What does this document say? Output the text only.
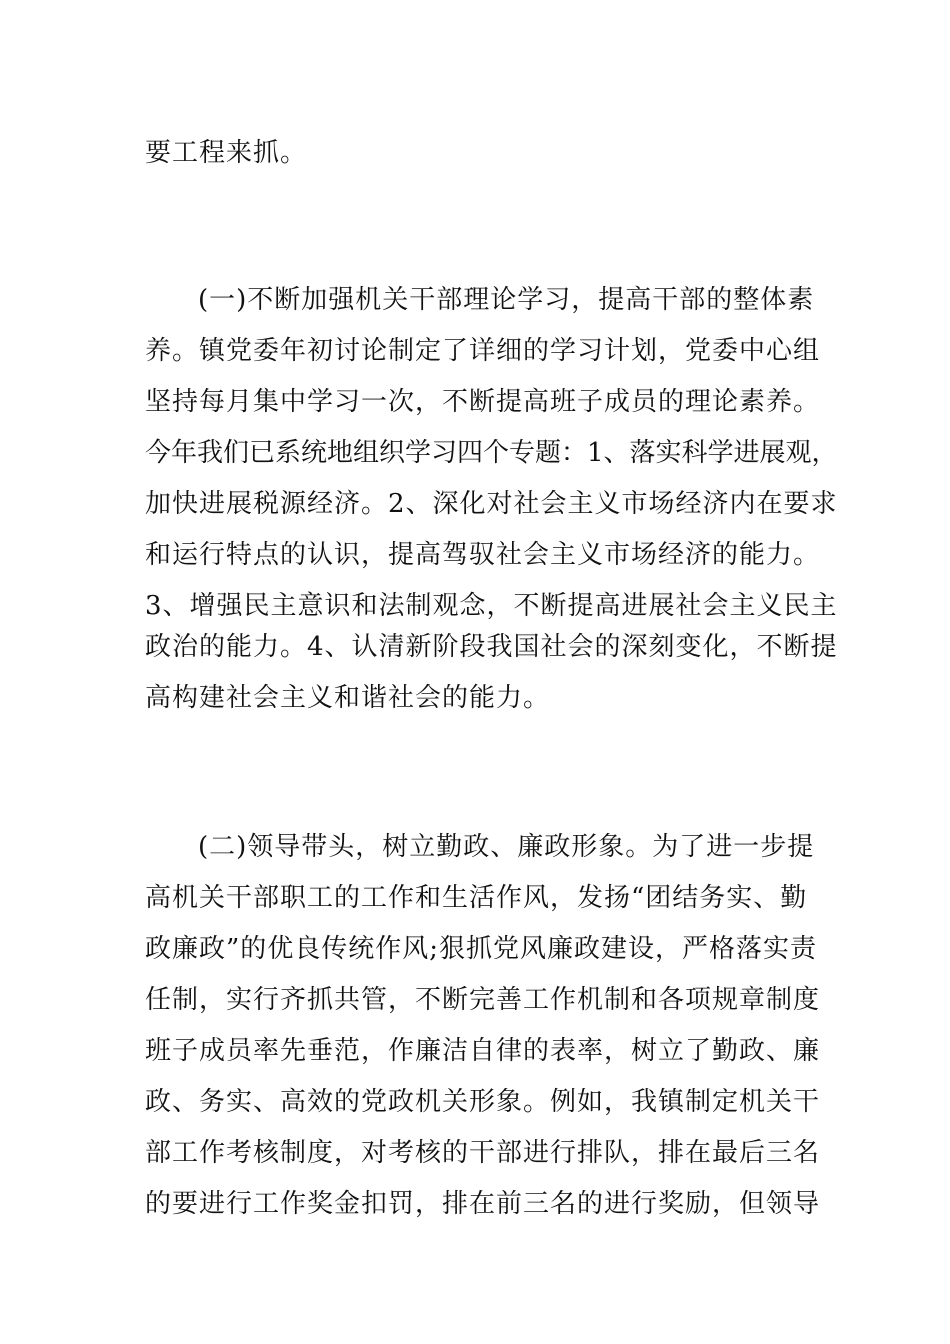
要工程来抓。
(一)不断加强机关干部理论学习，提高干部的整体素
养。镇党委年初讨论制定了详细的学习计划，党委中心组
坚持每月集中学习一次，不断提高班子成员的理论素养。
今年我们已系统地组织学习四个专题：1、落实科学进展观，
加快进展税源经济。2、深化对社会主义市场经济内在要求
和运行特点的认识，提高驾驭社会主义市场经济的能力。
3、增强民主意识和法制观念，不断提高进展社会主义民主
政治的能力。4、认清新阶段我国社会的深刻变化，不断提
高构建社会主义和谐社会的能力。
(二)领导带头，树立勤政、廉政形象。为了进一步提
高机关干部职工的工作和生活作风，发扬“团结务实、勤
政廉政”的优良传统作风;狠抓党风廉政建设，严格落实责
任制，实行齐抓共管，不断完善工作机制和各项规章制度
班子成员率先垂范，作廉洁自律的表率，树立了勤政、廉
政、务实、高效的党政机关形象。例如，我镇制定机关干
部工作考核制度，对考核的干部进行排队，排在最后三名
的要进行工作奖金扣罚，排在前三名的进行奖励，但领导
